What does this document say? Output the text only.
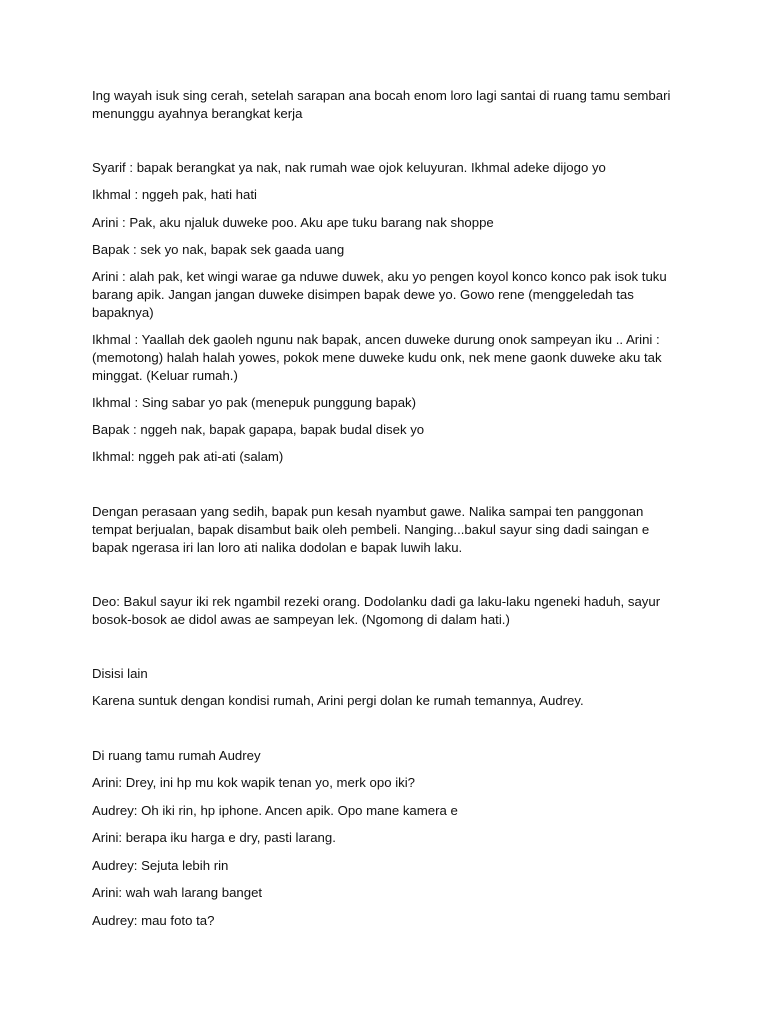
Ing wayah isuk sing cerah, setelah sarapan ana bocah enom loro lagi santai di ruang tamu sembari menunggu ayahnya berangkat kerja

Syarif : bapak berangkat ya nak, nak rumah wae ojok keluyuran. Ikhmal adeke dijogo yo

Ikhmal : nggeh pak, hati hati

Arini : Pak, aku njaluk duweke poo. Aku ape tuku barang nak shoppe

Bapak : sek yo nak, bapak sek gaada uang

Arini : alah pak, ket wingi warae ga nduwe duwek, aku yo pengen koyol konco konco pak isok tuku barang apik. Jangan jangan duweke disimpen bapak dewe yo. Gowo rene (menggeledah tas bapaknya)

Ikhmal : Yaallah dek gaoleh ngunu nak bapak, ancen duweke durung onok sampeyan iku .. Arini : (memotong) halah halah yowes, pokok mene duweke kudu onk, nek mene gaonk duweke aku tak minggat. (Keluar rumah.)

Ikhmal : Sing sabar yo pak (menepuk punggung bapak)

Bapak : nggeh nak, bapak gapapa, bapak budal disek yo

Ikhmal: nggeh pak ati-ati (salam)

Dengan perasaan yang sedih, bapak pun kesah nyambut gawe. Nalika sampai ten panggonan tempat berjualan, bapak disambut baik oleh pembeli. Nanging...bakul sayur sing dadi saingan e bapak ngerasa iri lan loro ati nalika dodolan e bapak luwih laku.

Deo: Bakul sayur iki rek ngambil rezeki orang. Dodolanku dadi ga laku-laku ngeneki haduh, sayur bosok-bosok ae didol awas ae sampeyan lek. (Ngomong di dalam hati.)

Disisi lain

Karena suntuk dengan kondisi rumah, Arini pergi dolan ke rumah temannya, Audrey.

Di ruang tamu rumah Audrey

Arini: Drey, ini hp mu kok wapik tenan yo, merk opo iki?

Audrey: Oh iki rin, hp iphone. Ancen apik. Opo mane kamera e

Arini: berapa iku harga e dry, pasti larang.

Audrey: Sejuta lebih rin

Arini: wah wah larang banget

Audrey: mau foto ta?
